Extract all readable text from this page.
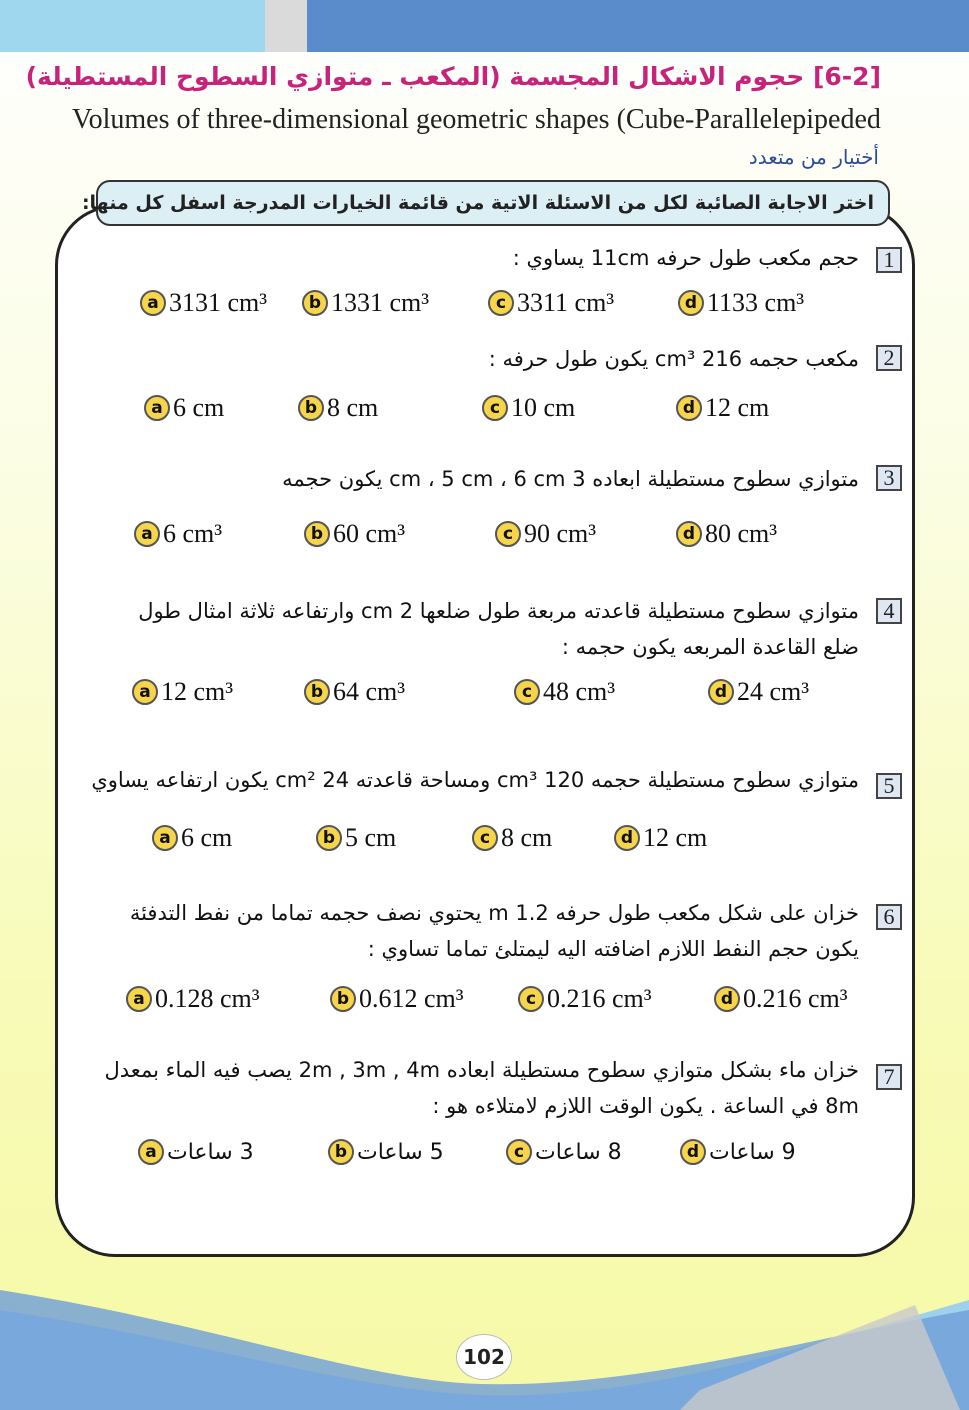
[6-2] حجوم الاشكال المجسمة (المكعب ـ متوازي السطوح المستطيلة)
Volumes of three-dimensional geometric shapes (Cube-Parallelepipeded
أختيار من متعدد
اختر الاجابة الصائبة لكل من الاسئلة الاتية من قائمة الخيارات المدرجة اسفل كل منها:
1
حجم مكعب طول حرفه 11cm يساوي :
a 3131 cm³	b 1331 cm³	c 3311 cm³	d 1133 cm³
2
مكعب حجمه 216 cm³ يكون طول حرفه :
a 6 cm	b 8 cm	c 10 cm	d 12 cm
3
متوازي سطوح مستطيلة ابعاده 3 cm ، 5 cm ، 6 cm يكون حجمه
a 6 cm³	b 60 cm³	c 90 cm³	d 80 cm³
4
متوازي سطوح مستطيلة قاعدته مربعة طول ضلعها 2 cm وارتفاعه ثلاثة امثال طول
ضلع القاعدة المربعه يكون حجمه :
a 12 cm³	b 64 cm³	c 48 cm³	d 24 cm³
5
متوازي سطوح مستطيلة حجمه 120 cm³ ومساحة قاعدته 24 cm² يكون ارتفاعه يساوي
a 6 cm	b 5 cm	c 8 cm	d 12 cm
6
خزان على شكل مكعب طول حرفه 1.2 m يحتوي نصف حجمه تماما من نفط التدفئة
يكون حجم النفط اللازم اضافته اليه ليمتلئ تماما تساوي :
a 0.128 cm³	b 0.612 cm³	c 0.216 cm³	d 0.216 cm³
7
خزان ماء بشكل متوازي سطوح مستطيلة ابعاده 2m , 3m , 4m يصب فيه الماء بمعدل
8m في الساعة . يكون الوقت اللازم لامتلاءه هو :
a 3 ساعات	b 5 ساعات	c 8 ساعات	d 9 ساعات
102
